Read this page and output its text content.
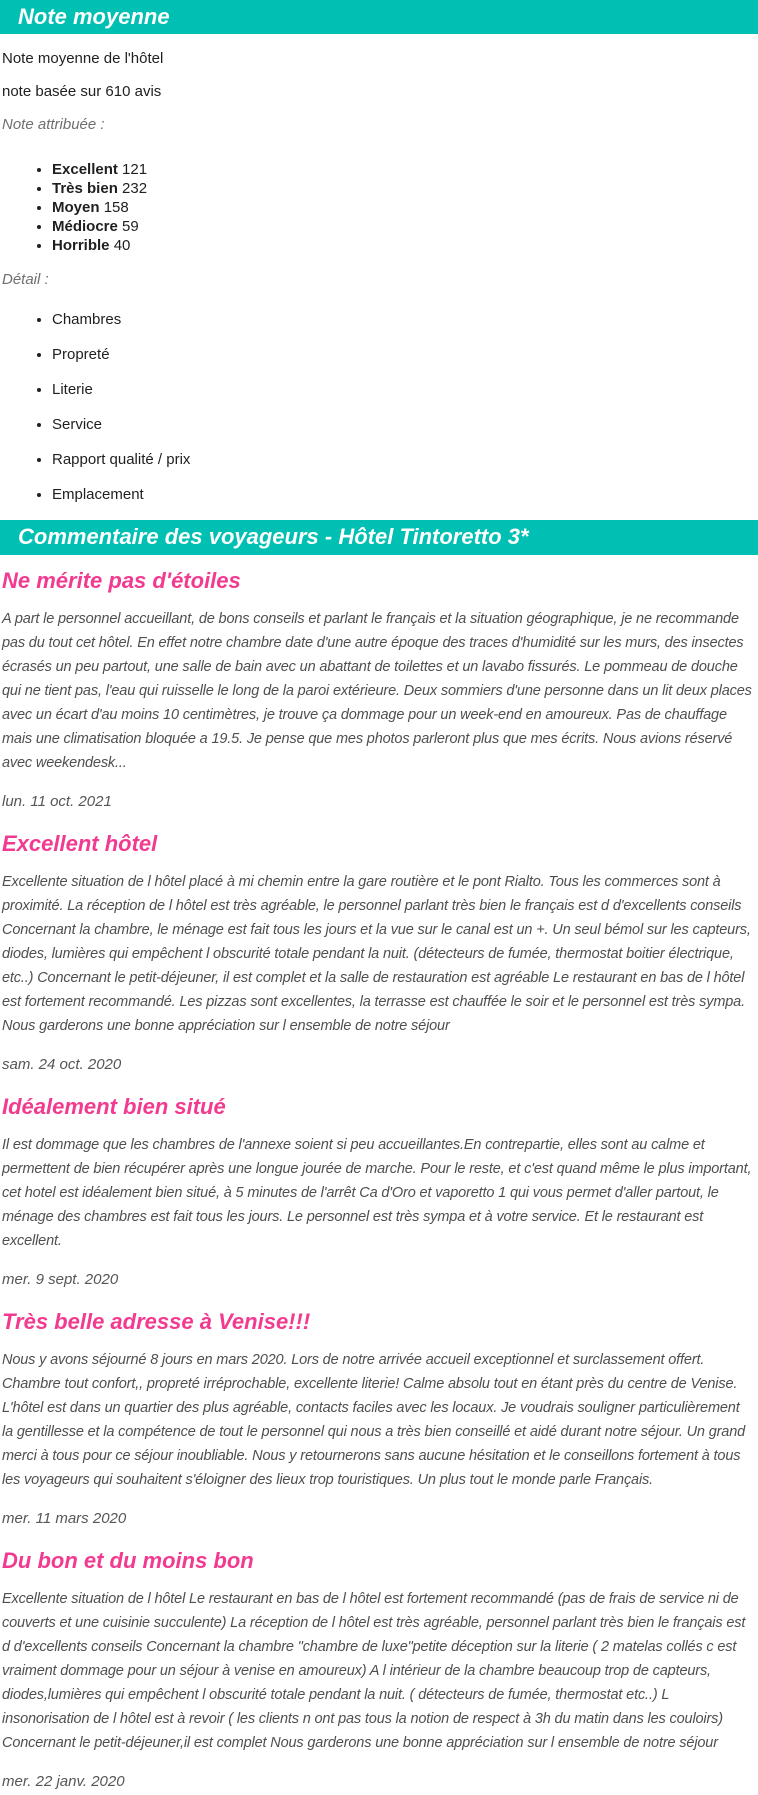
Note moyenne

Note moyenne de l'hôtel

note basée sur 610 avis

Note attribuée :

• Excellent 121
• Très bien 232
• Moyen 158
• Médiocre 59
• Horrible 40

Détail :

• Chambres
• Propreté
• Literie
• Service
• Rapport qualité / prix
• Emplacement
Commentaire des voyageurs - Hôtel Tintoretto 3*
Ne mérite pas d'étoiles

A part le personnel accueillant, de bons conseils et parlant le français et la situation géographique, je ne recommande pas du tout cet hôtel. En effet notre chambre date d'une autre époque des traces d'humidité sur les murs, des insectes écrasés un peu partout, une salle de bain avec un abattant de toilettes et un lavabo fissurés. Le pommeau de douche qui ne tient pas, l'eau qui ruisselle le long de la paroi extérieure. Deux sommiers d'une personne dans un lit deux places avec un écart d'au moins 10 centimètres, je trouve ça dommage pour un week-end en amoureux. Pas de chauffage mais une climatisation bloquée a 19.5. Je pense que mes photos parleront plus que mes écrits. Nous avions réservé avec weekendesk...

lun. 11 oct. 2021

Excellent hôtel

Excellente situation de l hôtel placé à mi chemin entre la gare routière et le pont Rialto. Tous les commerces sont à proximité. La réception de l hôtel est très agréable, le personnel parlant très bien le français est d d'excellents conseils Concernant la chambre, le ménage est fait tous les jours et la vue sur le canal est un +. Un seul bémol sur les capteurs, diodes, lumières qui empêchent l obscurité totale pendant la nuit. (détecteurs de fumée, thermostat boitier électrique, etc..) Concernant le petit-déjeuner, il est complet et la salle de restauration est agréable Le restaurant en bas de l hôtel est fortement recommandé. Les pizzas sont excellentes, la terrasse est chauffée le soir et le personnel est très sympa. Nous garderons une bonne appréciation sur l ensemble de notre séjour

sam. 24 oct. 2020

Idéalement bien situé

Il est dommage que les chambres de l'annexe soient si peu accueillantes.En contrepartie, elles sont au calme et permettent de bien récupérer après une longue jourée de marche. Pour le reste, et c'est quand même le plus important, cet hotel est idéalement bien situé, à 5 minutes de l'arrêt Ca d'Oro et vaporetto 1 qui vous permet d'aller partout, le ménage des chambres est fait tous les jours. Le personnel est très sympa et à votre service. Et le restaurant est excellent.

mer. 9 sept. 2020

Très belle adresse à Venise!!!

Nous y avons séjourné 8 jours en mars 2020. Lors de notre arrivée accueil exceptionnel et surclassement offert. Chambre tout confort,, propreté irréprochable, excellente literie! Calme absolu tout en étant près du centre de Venise. L'hôtel est dans un quartier des plus agréable, contacts faciles avec les locaux. Je voudrais souligner particulièrement la gentillesse et la compétence de tout le personnel qui nous a très bien conseillé et aidé durant notre séjour. Un grand merci à tous pour ce séjour inoubliable. Nous y retournerons sans aucune hésitation et le conseillons fortement à tous les voyageurs qui souhaitent s'éloigner des lieux trop touristiques. Un plus tout le monde parle Français.

mer. 11 mars 2020

Du bon et du moins bon

Excellente situation de l hôtel Le restaurant en bas de l hôtel est fortement recommandé (pas de frais de service ni de couverts et une cuisinie succulente) La réception de l hôtel est très agréable, personnel parlant très bien le français est d d'excellents conseils Concernant la chambre "chambre de luxe"petite déception sur la literie ( 2 matelas collés c est vraiment dommage pour un séjour à venise en amoureux) A l intérieur de la chambre beaucoup trop de capteurs, diodes,lumières qui empêchent l obscurité totale pendant la nuit. ( détecteurs de fumée, thermostat etc..) L insonorisation de l hôtel est à revoir ( les clients n ont pas tous la notion de respect à 3h du matin dans les couloirs) Concernant le petit-déjeuner,il est complet Nous garderons une bonne appréciation sur l ensemble de notre séjour

mer. 22 janv. 2020
